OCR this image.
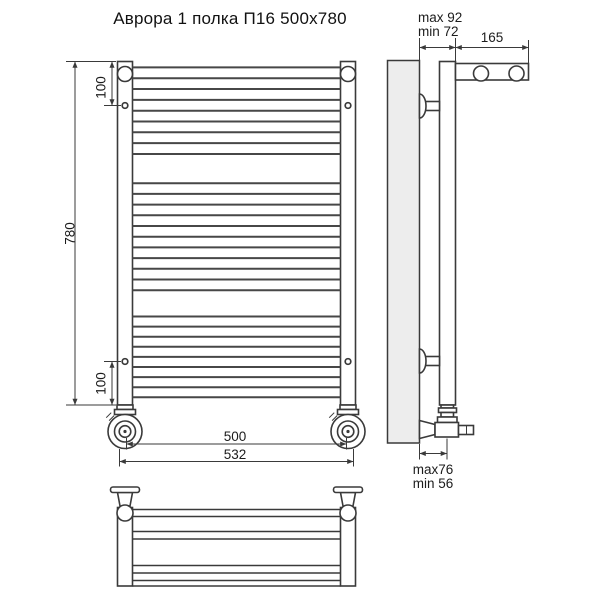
Аврора 1 полка П16 500x780
780
100
100
500
532
max 92
min 72	165
max76
min 56
